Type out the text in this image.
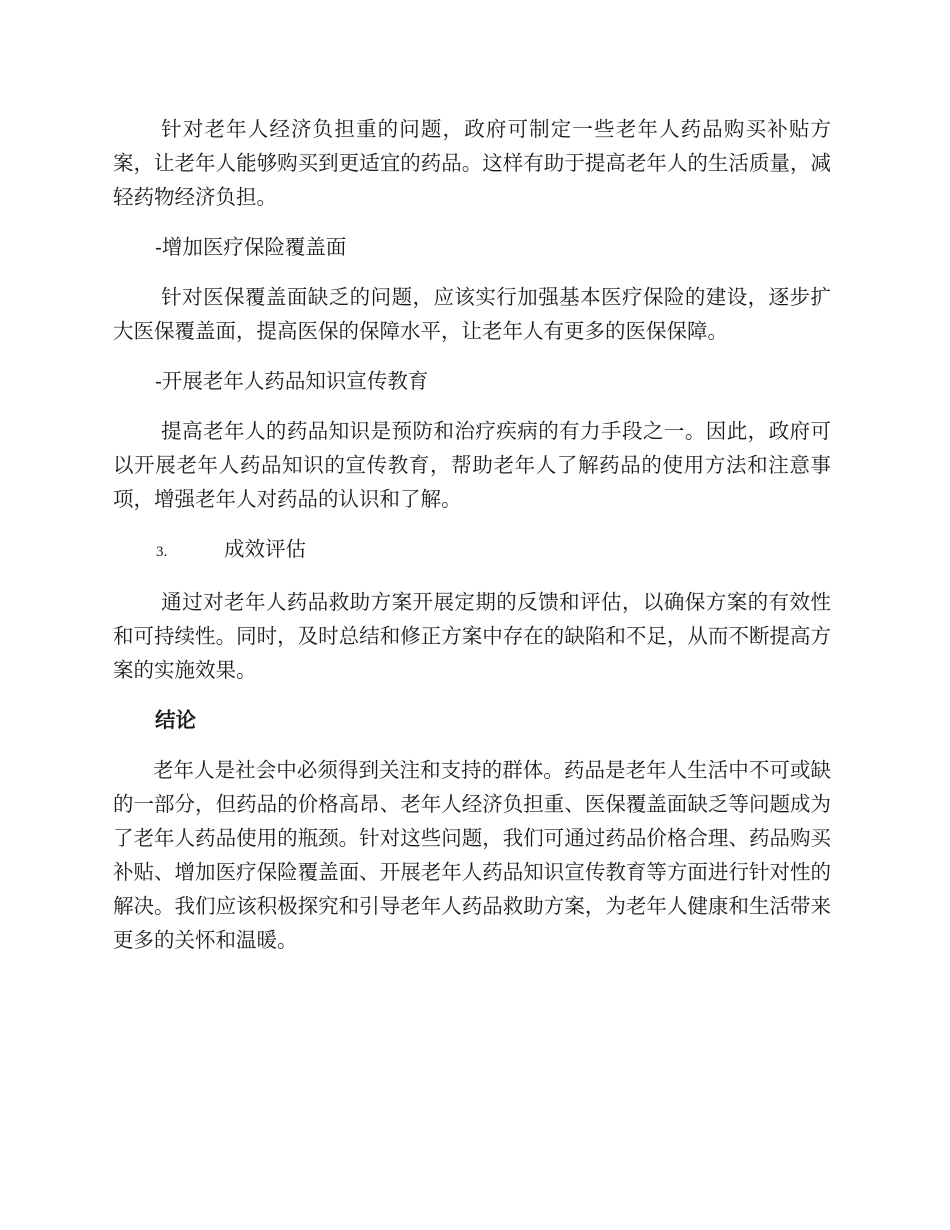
针对老年人经济负担重的问题，政府可制定一些老年人药品购买补贴方案，让老年人能够购买到更适宜的药品。这样有助于提高老年人的生活质量，减轻药物经济负担。

-增加医疗保险覆盖面

针对医保覆盖面缺乏的问题，应该实行加强基本医疗保险的建设，逐步扩大医保覆盖面，提高医保的保障水平，让老年人有更多的医保保障。

-开展老年人药品知识宣传教育

提高老年人的药品知识是预防和治疗疾病的有力手段之一。因此，政府可以开展老年人药品知识的宣传教育，帮助老年人了解药品的使用方法和注意事项，增强老年人对药品的认识和了解。

3.	成效评估

通过对老年人药品救助方案开展定期的反馈和评估，以确保方案的有效性和可持续性。同时，及时总结和修正方案中存在的缺陷和不足，从而不断提高方案的实施效果。

结论

老年人是社会中必须得到关注和支持的群体。药品是老年人生活中不可或缺的一部分，但药品的价格高昂、老年人经济负担重、医保覆盖面缺乏等问题成为了老年人药品使用的瓶颈。针对这些问题，我们可通过药品价格合理、药品购买补贴、增加医疗保险覆盖面、开展老年人药品知识宣传教育等方面进行针对性的解决。我们应该积极探究和引导老年人药品救助方案，为老年人健康和生活带来更多的关怀和温暖。
